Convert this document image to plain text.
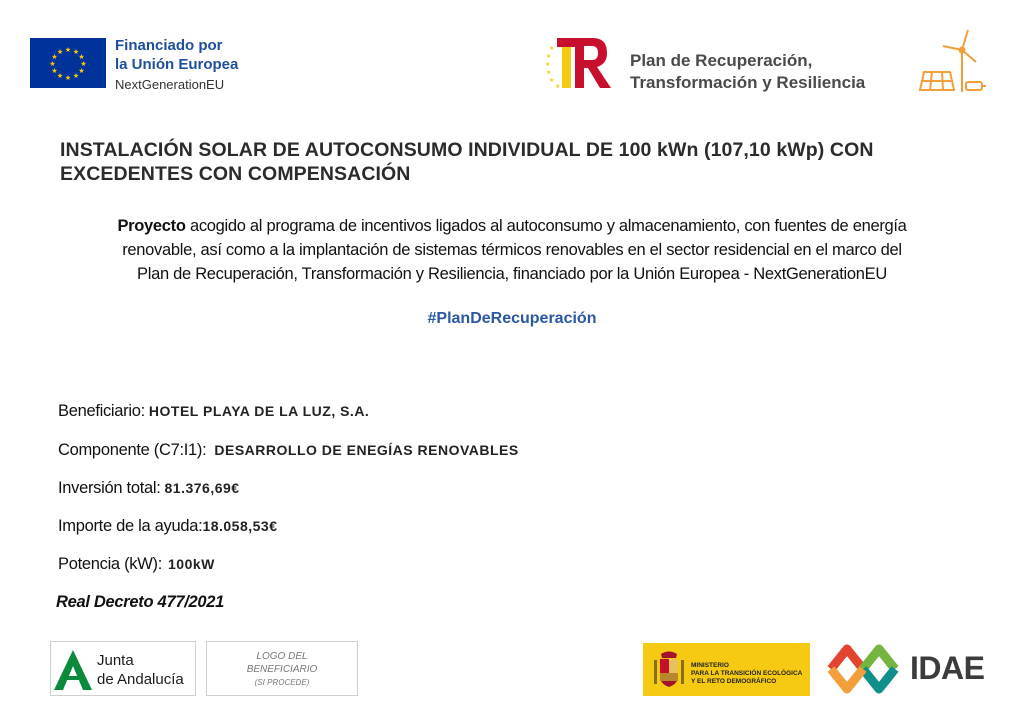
★ ★
★
★
★
★
★
★
★
★
★
★	Financiado por
la Unión Europea
NextGenerationEU
★
★
★
★
★
★
Plan de Recuperación,
Transformación y Resiliencia
INSTALACIÓN SOLAR DE AUTOCONSUMO INDIVIDUAL DE 100 kWn (107,10 kWp) CON EXCEDENTES CON COMPENSACIÓN

Proyecto acogido al programa de incentivos ligados al autoconsumo y almacenamiento, con fuentes de energía
renovable, así como a la implantación de sistemas térmicos renovables en el sector residencial en el marco del
Plan de Recuperación, Transformación y Resiliencia, financiado por la Unión Europea - NextGenerationEU

#PlanDeRecuperación
Beneficiario: HOTEL PLAYA DE LA LUZ, S.A.
Componente (C7:I1): DESARROLLO DE ENEGÍAS RENOVABLES
Inversión total: 81.376,69€
Importe de la ayuda:18.058,53€
Potencia (kW): 100kW
Real Decreto 477/2021
Junta
de Andalucía
LOGO DEL
BENEFICIARIO
(SI PROCEDE)
MINISTERIO
PARA LA TRANSICIÓN ECOLÓGICA
Y EL RETO DEMOGRÁFICO	IDAE
